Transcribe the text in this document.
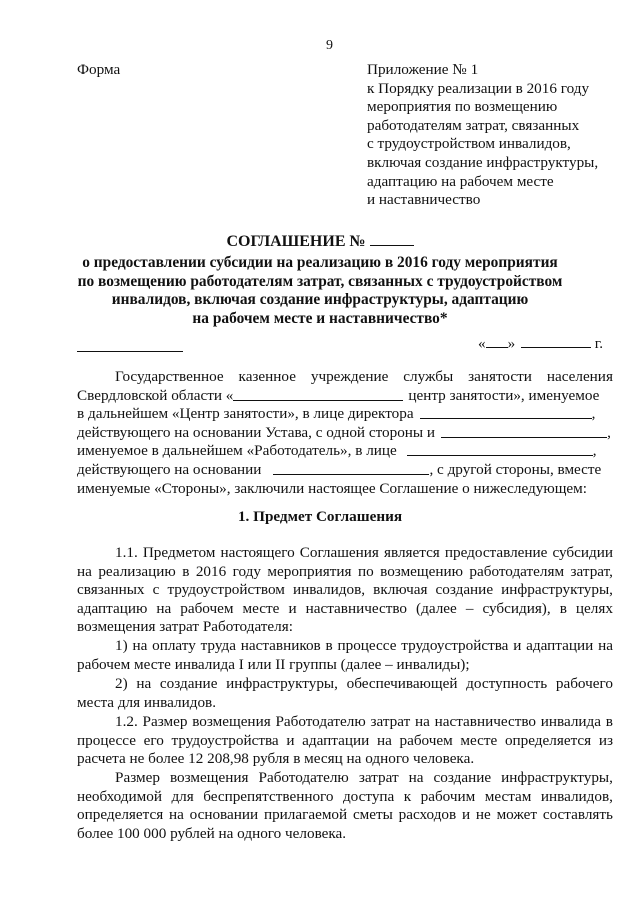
9
Форма	Приложение № 1
к Порядку реализации в 2016 году
мероприятия по возмещению
работодателям затрат, связанных
с трудоустройством инвалидов,
включая создание инфраструктуры,
адаптацию на рабочем месте
и наставничество
СОГЛАШЕНИЕ №
о предоставлении субсидии на реализацию в 2016 году мероприятия
по возмещению работодателям затрат, связанных с трудоустройством
инвалидов, включая создание инфраструктуры, адаптацию
на рабочем месте и наставничество*
« »	г.
Государственное казенное учреждение службы занятости населения
Свердловской области «	центр занятости», именуемое
в дальнейшем «Центр занятости», в лице директора	,
действующего на основании Устава, с одной стороны и	,
именуемое в дальнейшем «Работодатель», в лице	,
действующего на основании	, с другой стороны, вместе
именуемые «Стороны», заключили настоящее Соглашение о нижеследующем:
1. Предмет Соглашения
1.1. Предметом настоящего Соглашения является предоставление субсидии
на реализацию в 2016 году мероприятия по возмещению работодателям затрат,
связанных с трудоустройством инвалидов, включая создание инфраструктуры,
адаптацию на рабочем месте и наставничество (далее – субсидия), в целях
возмещения затрат Работодателя:
1) на оплату труда наставников в процессе трудоустройства и адаптации на
рабочем месте инвалида I или II группы (далее – инвалиды);
2) на создание инфраструктуры, обеспечивающей доступность рабочего
места для инвалидов.
1.2. Размер возмещения Работодателю затрат на наставничество инвалида в
процессе его трудоустройства и адаптации на рабочем месте определяется из
расчета не более 12 208,98 рубля в месяц на одного человека.
Размер возмещения Работодателю затрат на создание инфраструктуры,
необходимой для беспрепятственного доступа к рабочим местам инвалидов,
определяется на основании прилагаемой сметы расходов и не может составлять
более 100 000 рублей на одного человека.
